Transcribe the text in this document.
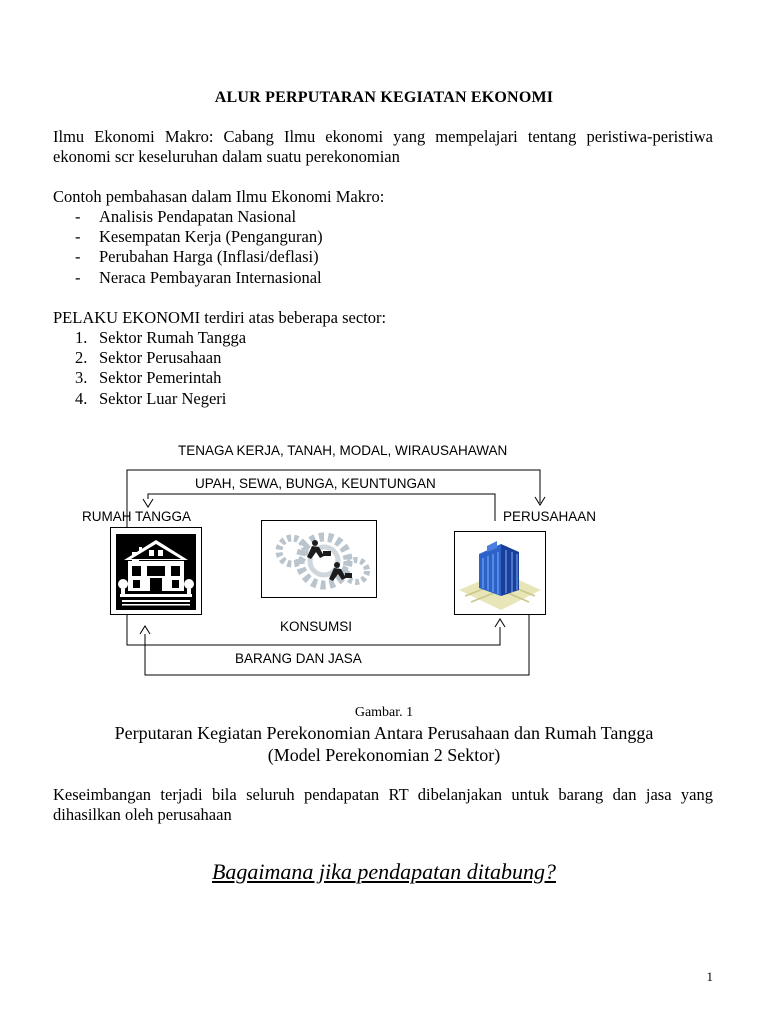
ALUR PERPUTARAN KEGIATAN EKONOMI
Ilmu Ekonomi Makro: Cabang Ilmu ekonomi yang mempelajari tentang peristiwa-peristiwa ekonomi scr keseluruhan dalam suatu perekonomian
Contoh pembahasan dalam Ilmu Ekonomi Makro:
- Analisis Pendapatan Nasional
- Kesempatan Kerja (Penganguran)
- Perubahan Harga (Inflasi/deflasi)
- Neraca Pembayaran Internasional
PELAKU EKONOMI terdiri atas beberapa sector:
1. Sektor Rumah Tangga
2. Sektor Perusahaan
3. Sektor Pemerintah
4. Sektor Luar Negeri
TENAGA KERJA, TANAH, MODAL, WIRAUSAHAWAN
UPAH, SEWA, BUNGA, KEUNTUNGAN
RUMAH TANGGA	PERUSAHAAN
KONSUMSI
BARANG DAN JASA
Gambar. 1
Perputaran Kegiatan Perekonomian Antara Perusahaan dan Rumah Tangga
(Model Perekonomian 2 Sektor)
Keseimbangan terjadi bila seluruh pendapatan RT dibelanjakan untuk barang dan jasa yang dihasilkan oleh perusahaan
Bagaimana jika pendapatan ditabung?
1
